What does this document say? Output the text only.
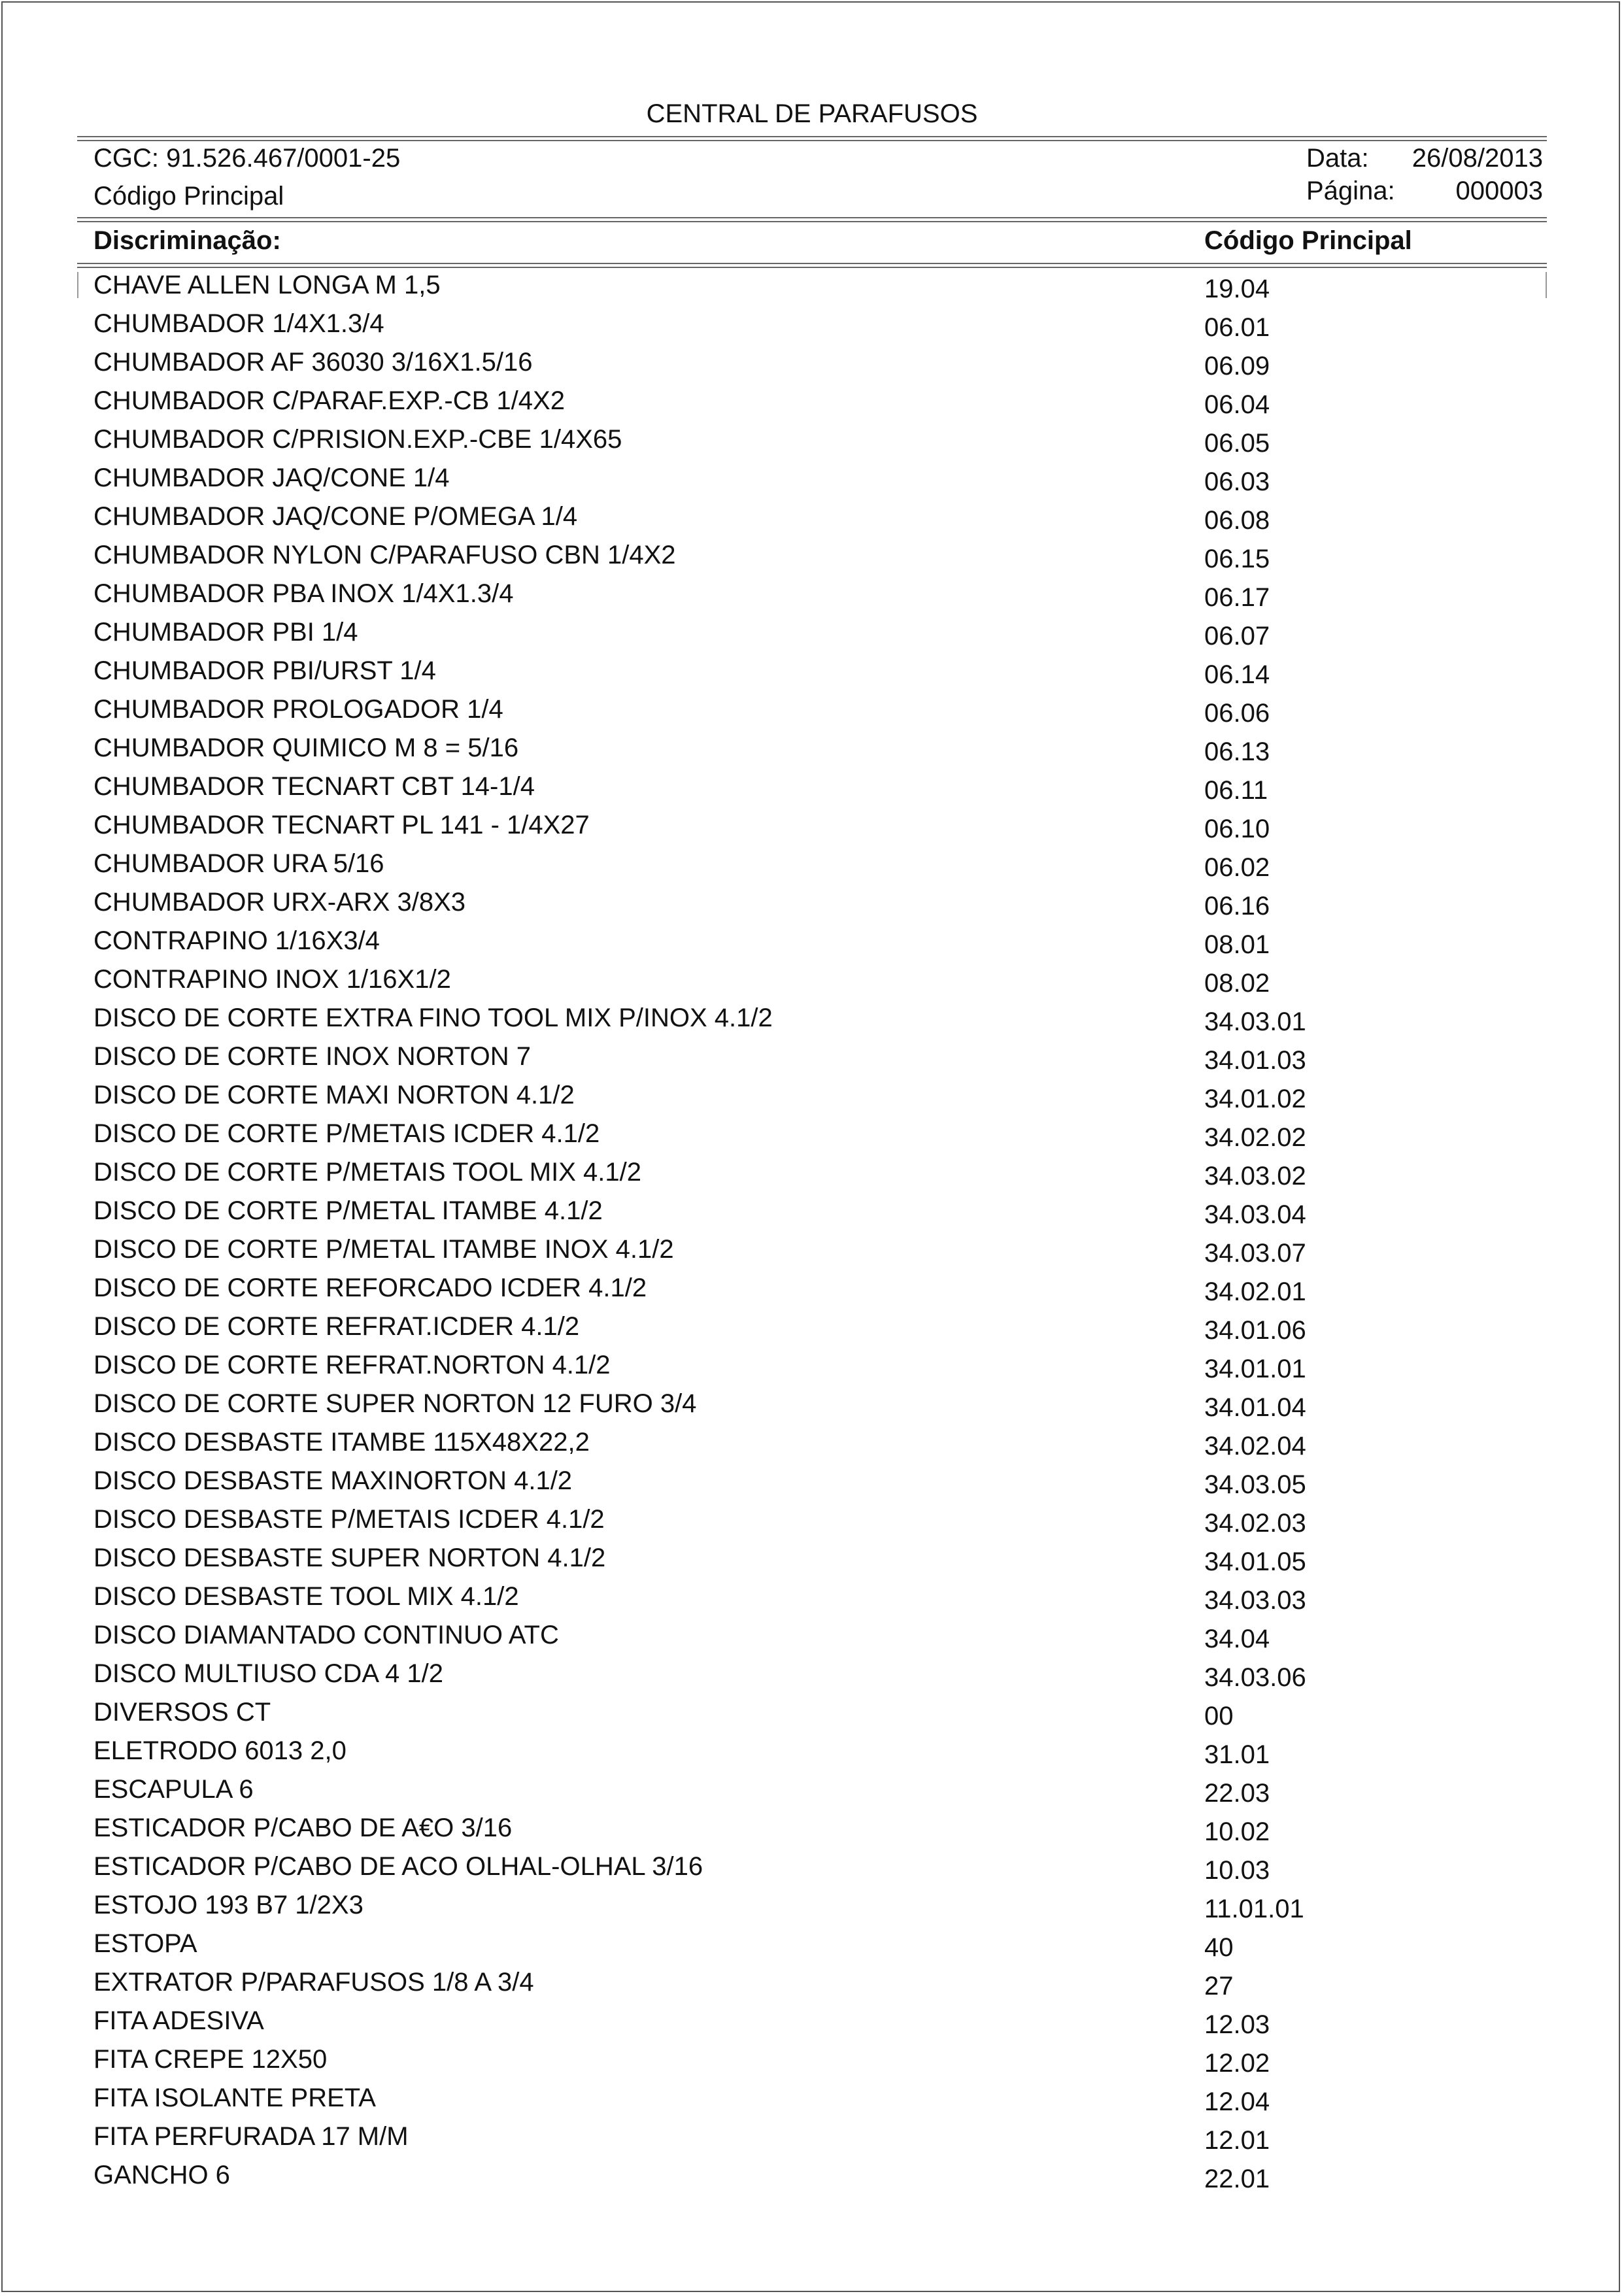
CENTRAL DE PARAFUSOS
CGC: 91.526.467/0001-25
Código Principal
Data: 26/08/2013
Página: 000003
Discriminação:	Código Principal
CHAVE ALLEN LONGA M 1,5	19.04
CHUMBADOR 1/4X1.3/4	06.01
CHUMBADOR AF 36030 3/16X1.5/16	06.09
CHUMBADOR C/PARAF.EXP.-CB 1/4X2	06.04
CHUMBADOR C/PRISION.EXP.-CBE 1/4X65	06.05
CHUMBADOR JAQ/CONE 1/4	06.03
CHUMBADOR JAQ/CONE P/OMEGA 1/4	06.08
CHUMBADOR NYLON C/PARAFUSO CBN 1/4X2	06.15
CHUMBADOR PBA INOX 1/4X1.3/4	06.17
CHUMBADOR PBI 1/4	06.07
CHUMBADOR PBI/URST 1/4	06.14
CHUMBADOR PROLOGADOR 1/4	06.06
CHUMBADOR QUIMICO M 8 = 5/16	06.13
CHUMBADOR TECNART CBT 14-1/4	06.11
CHUMBADOR TECNART PL 141 - 1/4X27	06.10
CHUMBADOR URA 5/16	06.02
CHUMBADOR URX-ARX 3/8X3	06.16
CONTRAPINO 1/16X3/4	08.01
CONTRAPINO INOX 1/16X1/2	08.02
DISCO DE CORTE EXTRA FINO TOOL MIX P/INOX 4.1/2	34.03.01
DISCO DE CORTE INOX NORTON 7	34.01.03
DISCO DE CORTE MAXI NORTON 4.1/2	34.01.02
DISCO DE CORTE P/METAIS ICDER 4.1/2	34.02.02
DISCO DE CORTE P/METAIS TOOL MIX 4.1/2	34.03.02
DISCO DE CORTE P/METAL ITAMBE 4.1/2	34.03.04
DISCO DE CORTE P/METAL ITAMBE INOX 4.1/2	34.03.07
DISCO DE CORTE REFORCADO ICDER 4.1/2	34.02.01
DISCO DE CORTE REFRAT.ICDER 4.1/2	34.01.06
DISCO DE CORTE REFRAT.NORTON 4.1/2	34.01.01
DISCO DE CORTE SUPER NORTON 12 FURO 3/4	34.01.04
DISCO DESBASTE ITAMBE 115X48X22,2	34.02.04
DISCO DESBASTE MAXINORTON 4.1/2	34.03.05
DISCO DESBASTE P/METAIS ICDER 4.1/2	34.02.03
DISCO DESBASTE SUPER NORTON 4.1/2	34.01.05
DISCO DESBASTE TOOL MIX 4.1/2	34.03.03
DISCO DIAMANTADO CONTINUO ATC	34.04
DISCO MULTIUSO CDA 4 1/2	34.03.06
DIVERSOS CT	00
ELETRODO 6013 2,0	31.01
ESCAPULA 6	22.03
ESTICADOR P/CABO DE A€O 3/16	10.02
ESTICADOR P/CABO DE ACO OLHAL-OLHAL 3/16	10.03
ESTOJO 193 B7 1/2X3	11.01.01
ESTOPA	40
EXTRATOR P/PARAFUSOS 1/8 A 3/4	27
FITA ADESIVA	12.03
FITA CREPE 12X50	12.02
FITA ISOLANTE PRETA	12.04
FITA PERFURADA 17 M/M	12.01
GANCHO 6	22.01
